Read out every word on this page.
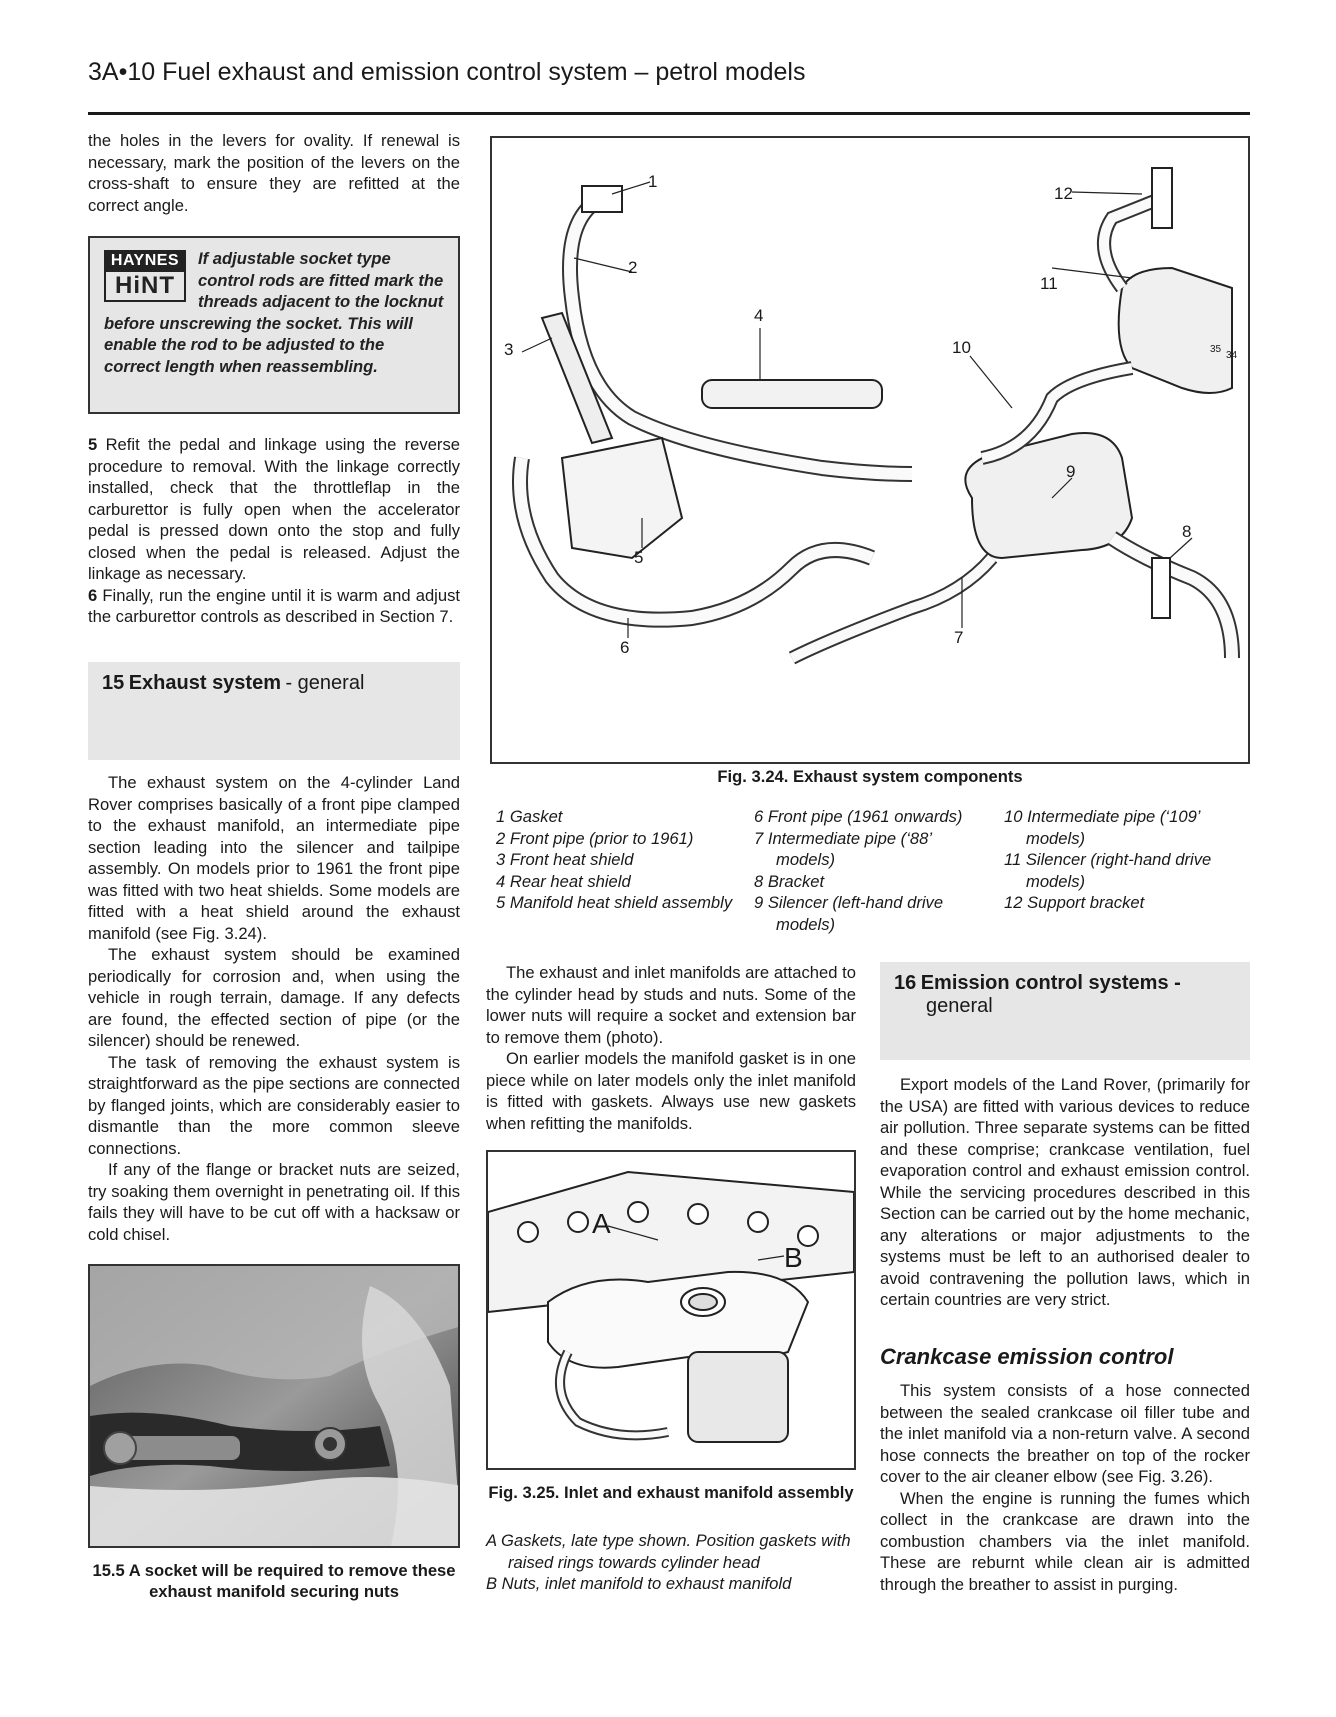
3A•10 Fuel exhaust and emission control system – petrol models

the holes in the levers for ovality. If renewal is necessary, mark the position of the levers on the cross-shaft to ensure they are refitted at the correct angle.

HAYNES
HiNT
If adjustable socket type control rods are fitted mark the threads adjacent to the locknut before unscrewing the socket. This will enable the rod to be adjusted to the correct length when reassembling.

5 Refit the pedal and linkage using the reverse procedure to removal. With the linkage correctly installed, check that the throttleflap in the carburettor is fully open when the accelerator pedal is pressed down onto the stop and fully closed when the pedal is released. Adjust the linkage as necessary.

6 Finally, run the engine until it is warm and adjust the carburettor controls as described in Section 7.

15 Exhaust system - general

The exhaust system on the 4-cylinder Land Rover comprises basically of a front pipe clamped to the exhaust manifold, an intermediate pipe section leading into the silencer and tailpipe assembly. On models prior to 1961 the front pipe was fitted with two heat shields. Some models are fitted with a heat shield around the exhaust manifold (see Fig. 3.24).

The exhaust system should be examined periodically for corrosion and, when using the vehicle in rough terrain, damage. If any defects are found, the effected section of pipe (or the silencer) should be renewed.

The task of removing the exhaust system is straightforward as the pipe sections are connected by flanged joints, which are considerably easier to dismantle than the more common sleeve connections.

If any of the flange or bracket nuts are seized, try soaking them overnight in penetrating oil. If this fails they will have to be cut off with a hacksaw or cold chisel.

15.5 A socket will be required to remove these exhaust manifold securing nuts
1
2
3
4
5
6
7
8
9
10
11
12
35
34
Fig. 3.24. Exhaust system components
1 Gasket
2 Front pipe (prior to 1961)
3 Front heat shield
4 Rear heat shield
5 Manifold heat shield assembly
6 Front pipe (1961 onwards)
7 Intermediate pipe (‘88’ models)
8 Bracket
9 Silencer (left-hand drive models)
10 Intermediate pipe (‘109’ models)
11 Silencer (right-hand drive models)
12 Support bracket

The exhaust and inlet manifolds are attached to the cylinder head by studs and nuts. Some of the lower nuts will require a socket and extension bar to remove them (photo).

On earlier models the manifold gasket is in one piece while on later models only the inlet manifold is fitted with gaskets. Always use new gaskets when refitting the manifolds.

A
B
Fig. 3.25. Inlet and exhaust manifold assembly
A Gaskets, late type shown. Position gaskets with raised rings towards cylinder head
B Nuts, inlet manifold to exhaust manifold
16 Emission control systems -
general

Export models of the Land Rover, (primarily for the USA) are fitted with various devices to reduce air pollution. Three separate systems can be fitted and these comprise; crankcase ventilation, fuel evaporation control and exhaust emission control. While the servicing procedures described in this Section can be carried out by the home mechanic, any alterations or major adjustments to the systems must be left to an authorised dealer to avoid contravening the pollution laws, which in certain countries are very strict.

Crankcase emission control

This system consists of a hose connected between the sealed crankcase oil filler tube and the inlet manifold via a non-return valve. A second hose connects the breather on top of the rocker cover to the air cleaner elbow (see Fig. 3.26).

When the engine is running the fumes which collect in the crankcase are drawn into the combustion chambers via the inlet manifold. These are reburnt while clean air is admitted through the breather to assist in purging.
